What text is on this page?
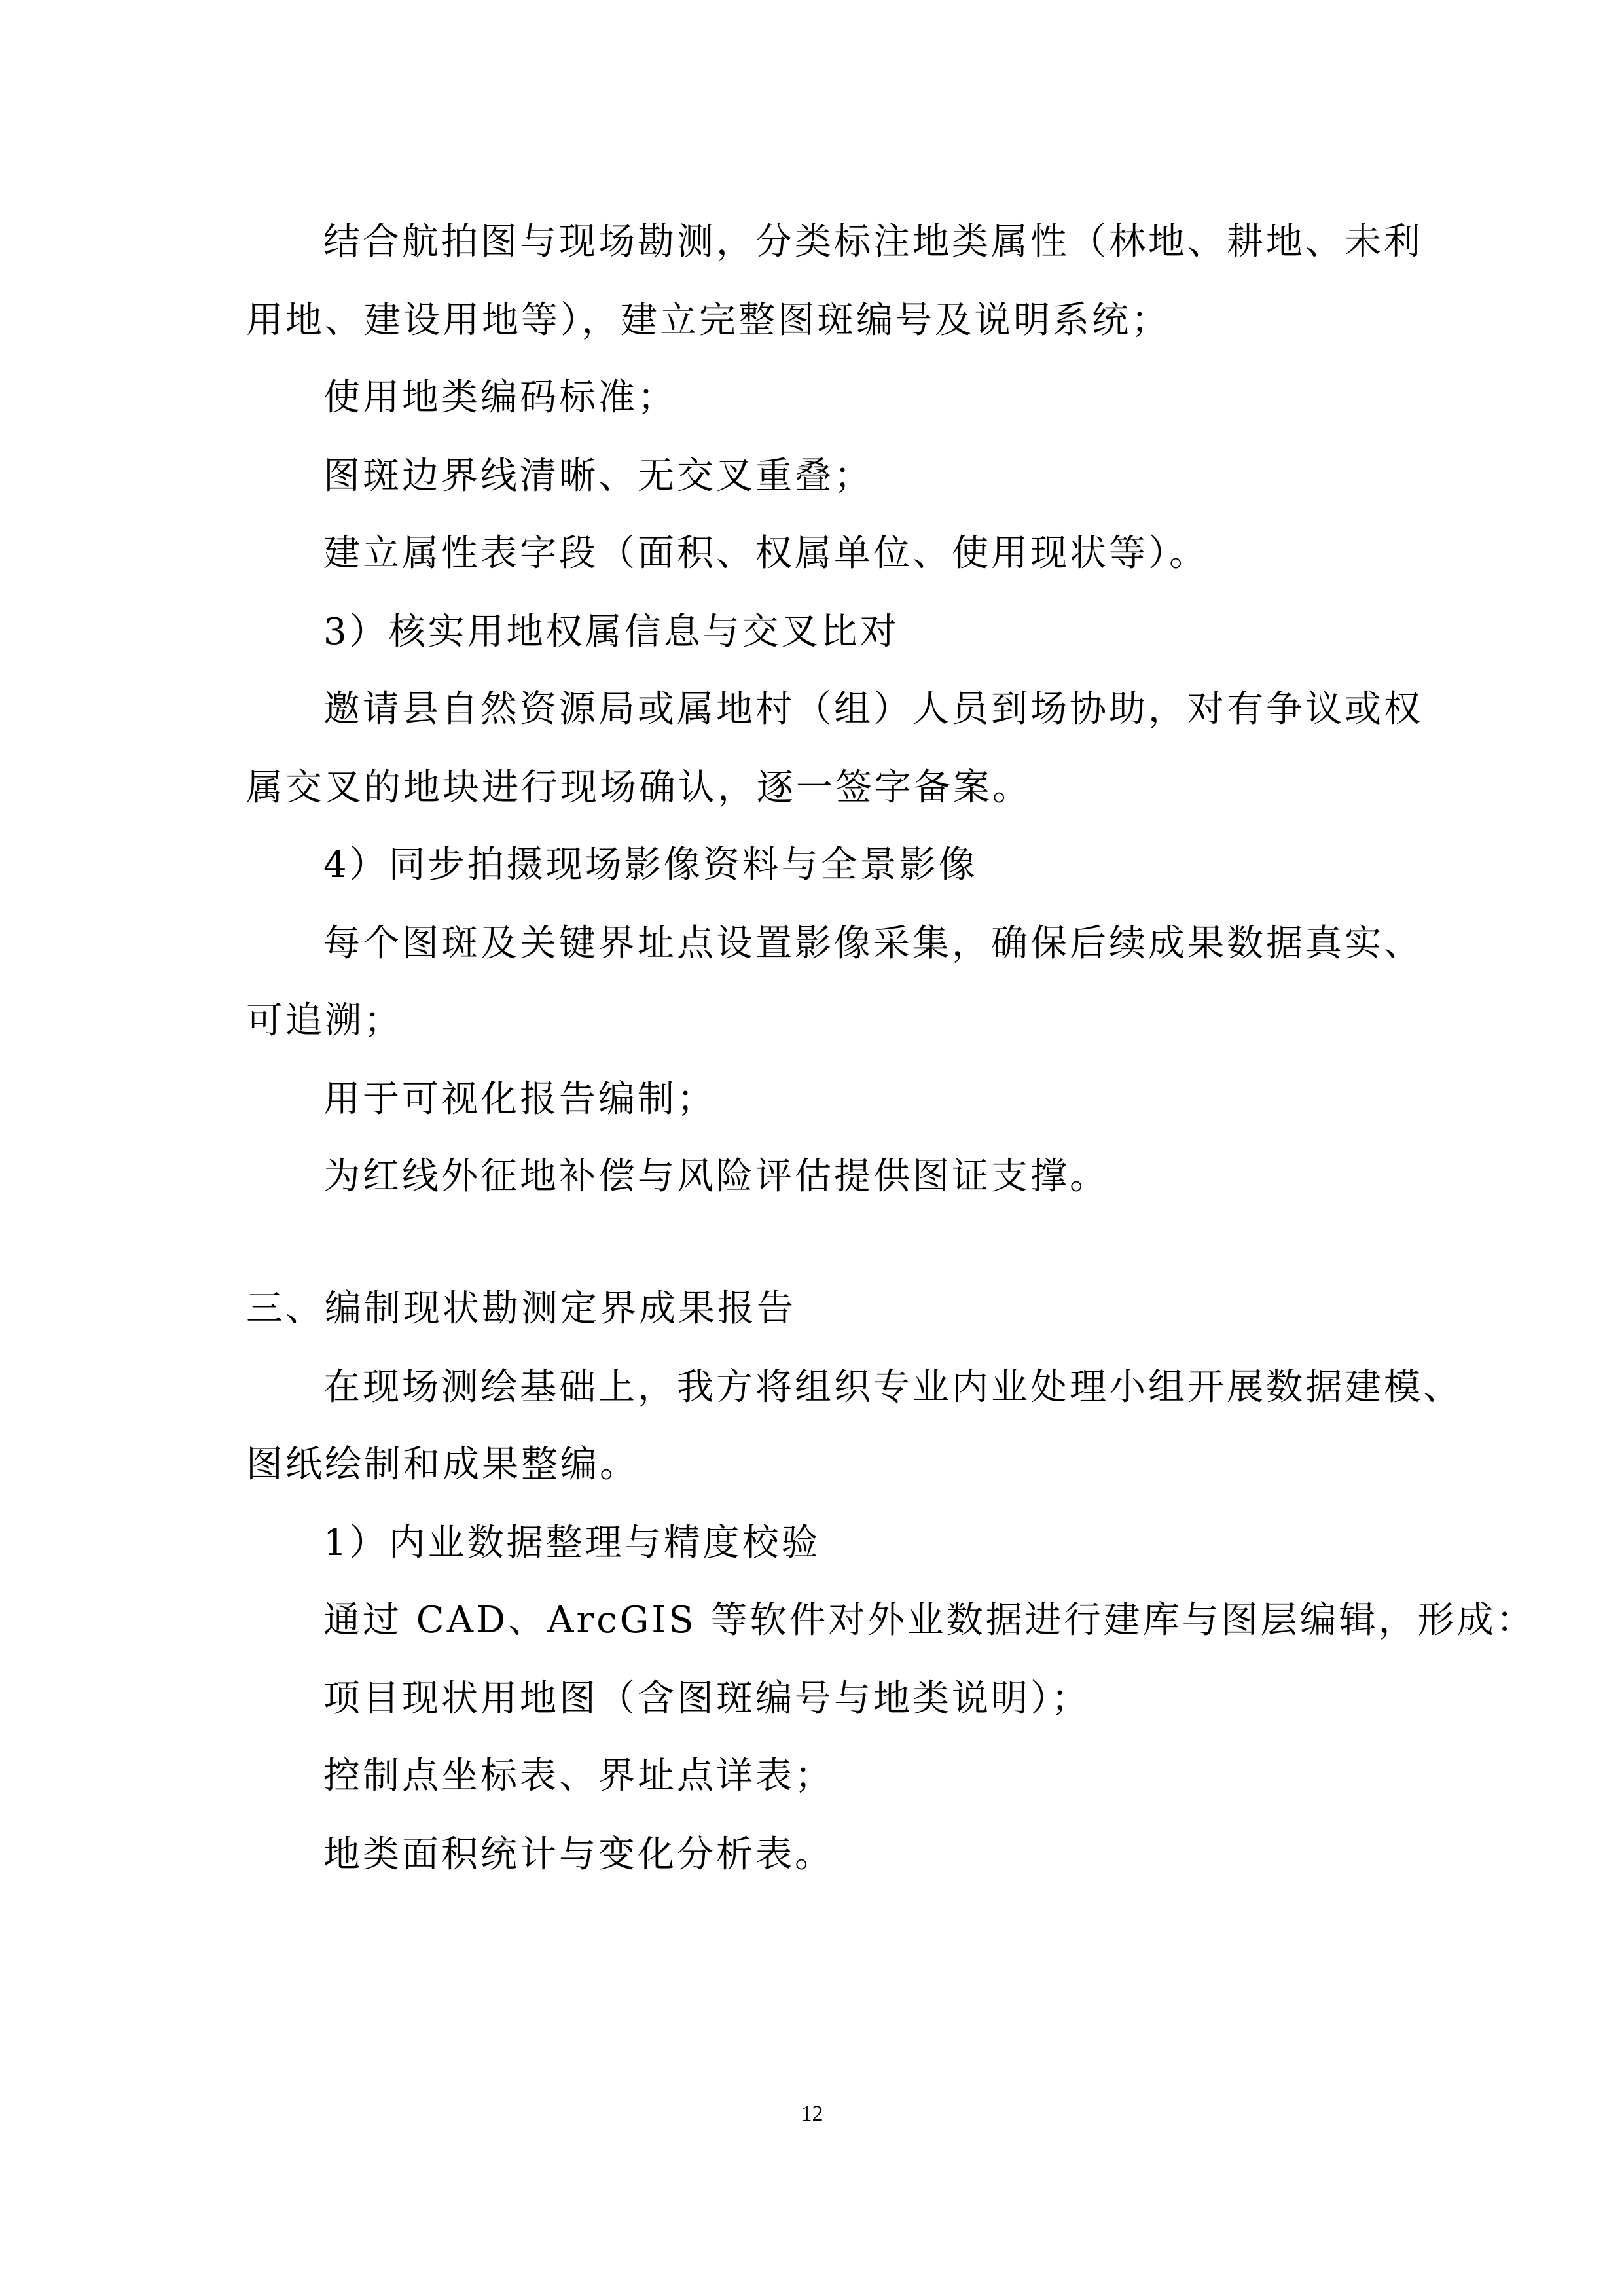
结合航拍图与现场勘测，分类标注地类属性（林地、耕地、未利
用地、建设用地等），建立完整图斑编号及说明系统；
使用地类编码标准；
图斑边界线清晰、无交叉重叠；
建立属性表字段（面积、权属单位、使用现状等）。
3）核实用地权属信息与交叉比对
邀请县自然资源局或属地村（组）人员到场协助，对有争议或权
属交叉的地块进行现场确认，逐一签字备案。
4）同步拍摄现场影像资料与全景影像
每个图斑及关键界址点设置影像采集，确保后续成果数据真实、
可追溯；
用于可视化报告编制；
为红线外征地补偿与风险评估提供图证支撑。
三、编制现状勘测定界成果报告
在现场测绘基础上，我方将组织专业内业处理小组开展数据建模、
图纸绘制和成果整编。
1）内业数据整理与精度校验
通过 CAD、ArcGIS 等软件对外业数据进行建库与图层编辑，形成：
项目现状用地图（含图斑编号与地类说明）；
控制点坐标表、界址点详表；
地类面积统计与变化分析表。
12
